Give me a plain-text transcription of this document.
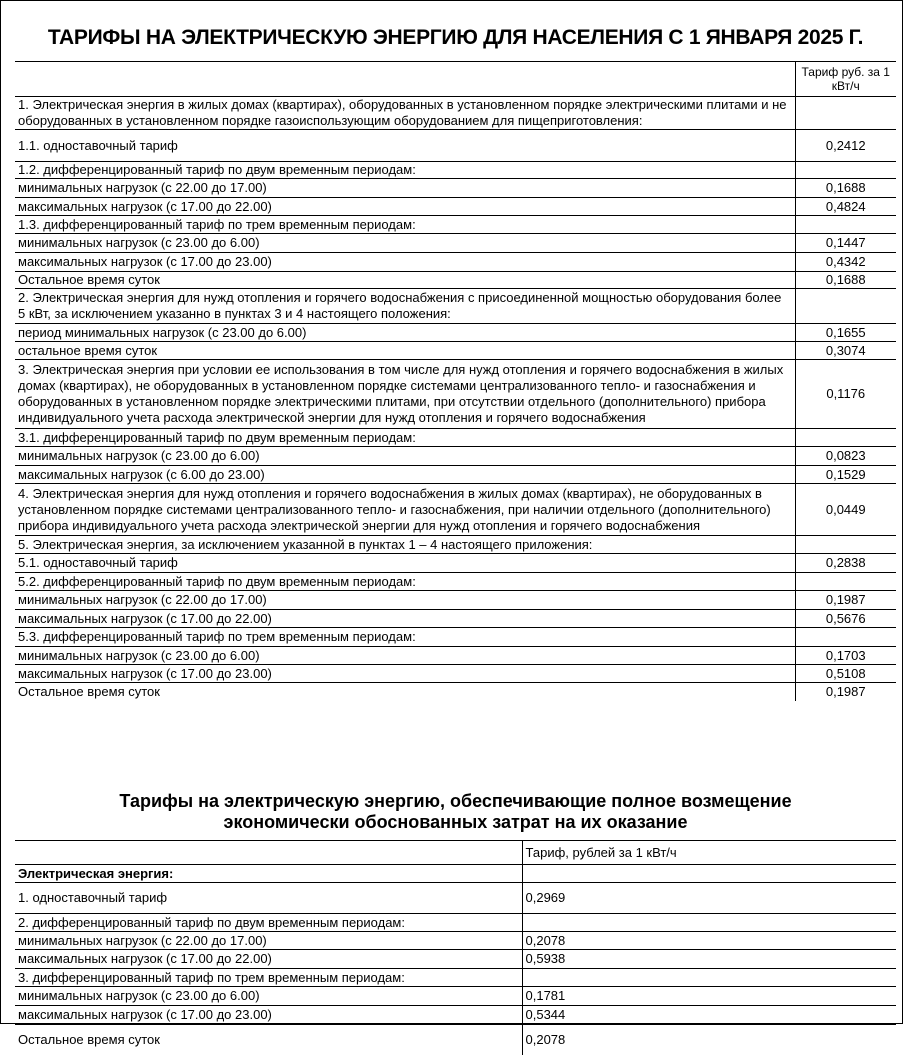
ТАРИФЫ НА ЭЛЕКТРИЧЕСКУЮ ЭНЕРГИЮ ДЛЯ НАСЕЛЕНИЯ С 1 ЯНВАРЯ 2025 Г.	
	Тариф руб. за 1 кВт/ч
1. Электрическая энергия в жилых домах (квартирах), оборудованных в установленном порядке электрическими плитами и не оборудованных в установленном порядке газоиспользующим оборудованием для пищеприготовления:	
1.1. одноставочный тариф	0,2412
1.2. дифференцированный тариф по двум временным периодам:	
минимальных нагрузок (с 22.00 до 17.00)	0,1688
максимальных нагрузок (с 17.00 до 22.00)	0,4824
1.3. дифференцированный тариф по трем временным периодам:	
минимальных нагрузок (с 23.00 до 6.00)	0,1447
максимальных нагрузок (с 17.00 до 23.00)	0,4342
Остальное время суток	0,1688
2. Электрическая энергия для нужд отопления и горячего водоснабжения с присоединенной мощностью оборудования более 5 кВт, за исключением указанно в пунктах 3 и 4 настоящего положения:	
период минимальных нагрузок (с 23.00 до 6.00)	0,1655
остальное время суток	0,3074
3. Электрическая энергия при условии ее использования в том числе для нужд отопления и горячего водоснабжения в жилых домах (квартирах), не оборудованных в установленном порядке системами централизованного тепло- и газоснабжения и оборудованных в установленном порядке электрическими плитами, при отсутствии отдельного (дополнительного) прибора индивидуального учета расхода электрической энергии для нужд отопления и горячего водоснабжения	0,1176
3.1. дифференцированный тариф по двум временным периодам:	
минимальных нагрузок (с 23.00 до 6.00)	0,0823
максимальных нагрузок (с 6.00 до 23.00)	0,1529
4. Электрическая энергия для нужд отопления и горячего водоснабжения в жилых домах (квартирах), не оборудованных в установленном порядке системами централизованного тепло- и газоснабжения, при наличии отдельного (дополнительного) прибора индивидуального учета расхода электрической энергии для нужд отопления и горячего водоснабжения	0,0449
5. Электрическая энергия, за исключением указанной в пунктах 1 – 4 настоящего приложения:	
5.1. одноставочный тариф	0,2838
5.2. дифференцированный тариф по двум временным периодам:	
минимальных нагрузок (с 22.00 до 17.00)	0,1987
максимальных нагрузок (с 17.00 до 22.00)	0,5676
5.3. дифференцированный тариф по трем временным периодам:	
минимальных нагрузок (с 23.00 до 6.00)	0,1703
максимальных нагрузок (с 17.00 до 23.00)	0,5108
Остальное время суток	0,1987
Тарифы на электрическую энергию, обеспечивающие полное возмещение экономически обоснованных затрат на их оказание	
	Тариф, рублей за 1 кВт/ч
Электрическая энергия:	
1. одноставочный тариф	0,2969
2. дифференцированный тариф по двум временным периодам:	
минимальных нагрузок (с 22.00 до 17.00)	0,2078
максимальных нагрузок (с 17.00 до 22.00)	0,5938
3. дифференцированный тариф по трем временным периодам:	
минимальных нагрузок (с 23.00 до 6.00)	0,1781
максимальных нагрузок (с 17.00 до 23.00)	0,5344
Остальное время суток	0,2078
